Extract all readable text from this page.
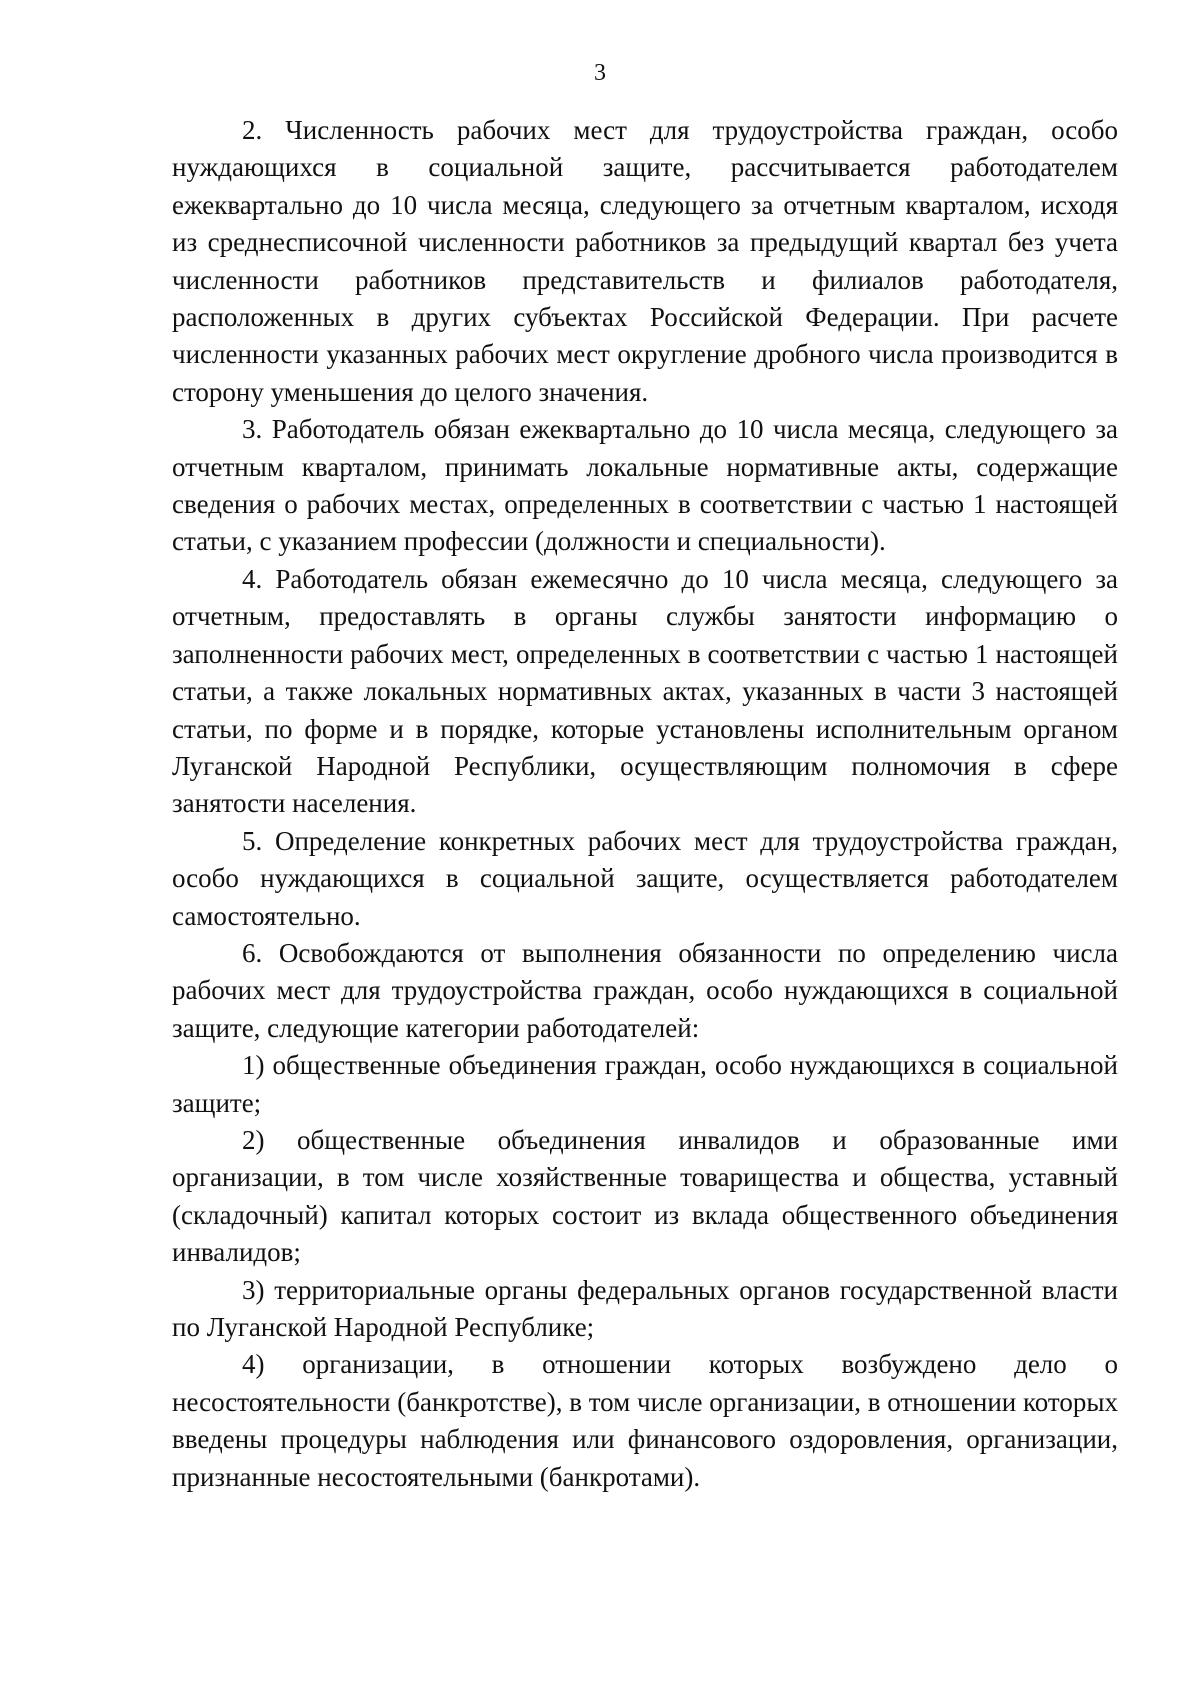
3

2. Численность рабочих мест для трудоустройства граждан, особо нуждающихся в социальной защите, рассчитывается работодателем ежеквартально до 10 числа месяца, следующего за отчетным кварталом, исходя из среднесписочной численности работников за предыдущий квартал без учета численности работников представительств и филиалов работодателя, расположенных в других субъектах Российской Федерации. При расчете численности указанных рабочих мест округление дробного числа производится в сторону уменьшения до целого значения.

3. Работодатель обязан ежеквартально до 10 числа месяца, следующего за отчетным кварталом, принимать локальные нормативные акты, содержащие сведения о рабочих местах, определенных в соответствии с частью 1 настоящей статьи, с указанием профессии (должности и специальности).

4. Работодатель обязан ежемесячно до 10 числа месяца, следующего за отчетным, предоставлять в органы службы занятости информацию о заполненности рабочих мест, определенных в соответствии с частью 1 настоящей статьи, а также локальных нормативных актах, указанных в части 3 настоящей статьи, по форме и в порядке, которые установлены исполнительным органом Луганской Народной Республики, осуществляющим полномочия в сфере занятости населения.

5. Определение конкретных рабочих мест для трудоустройства граждан, особо нуждающихся в социальной защите, осуществляется работодателем самостоятельно.

6. Освобождаются от выполнения обязанности по определению числа рабочих мест для трудоустройства граждан, особо нуждающихся в социальной защите, следующие категории работодателей:

1) общественные объединения граждан, особо нуждающихся в социальной защите;

2) общественные объединения инвалидов и образованные ими организации, в том числе хозяйственные товарищества и общества, уставный (складочный) капитал которых состоит из вклада общественного объединения инвалидов;

3) территориальные органы федеральных органов государственной власти по Луганской Народной Республике;

4) организации, в отношении которых возбуждено дело о несостоятельности (банкротстве), в том числе организации, в отношении которых введены процедуры наблюдения или финансового оздоровления, организации, признанные несостоятельными (банкротами).
